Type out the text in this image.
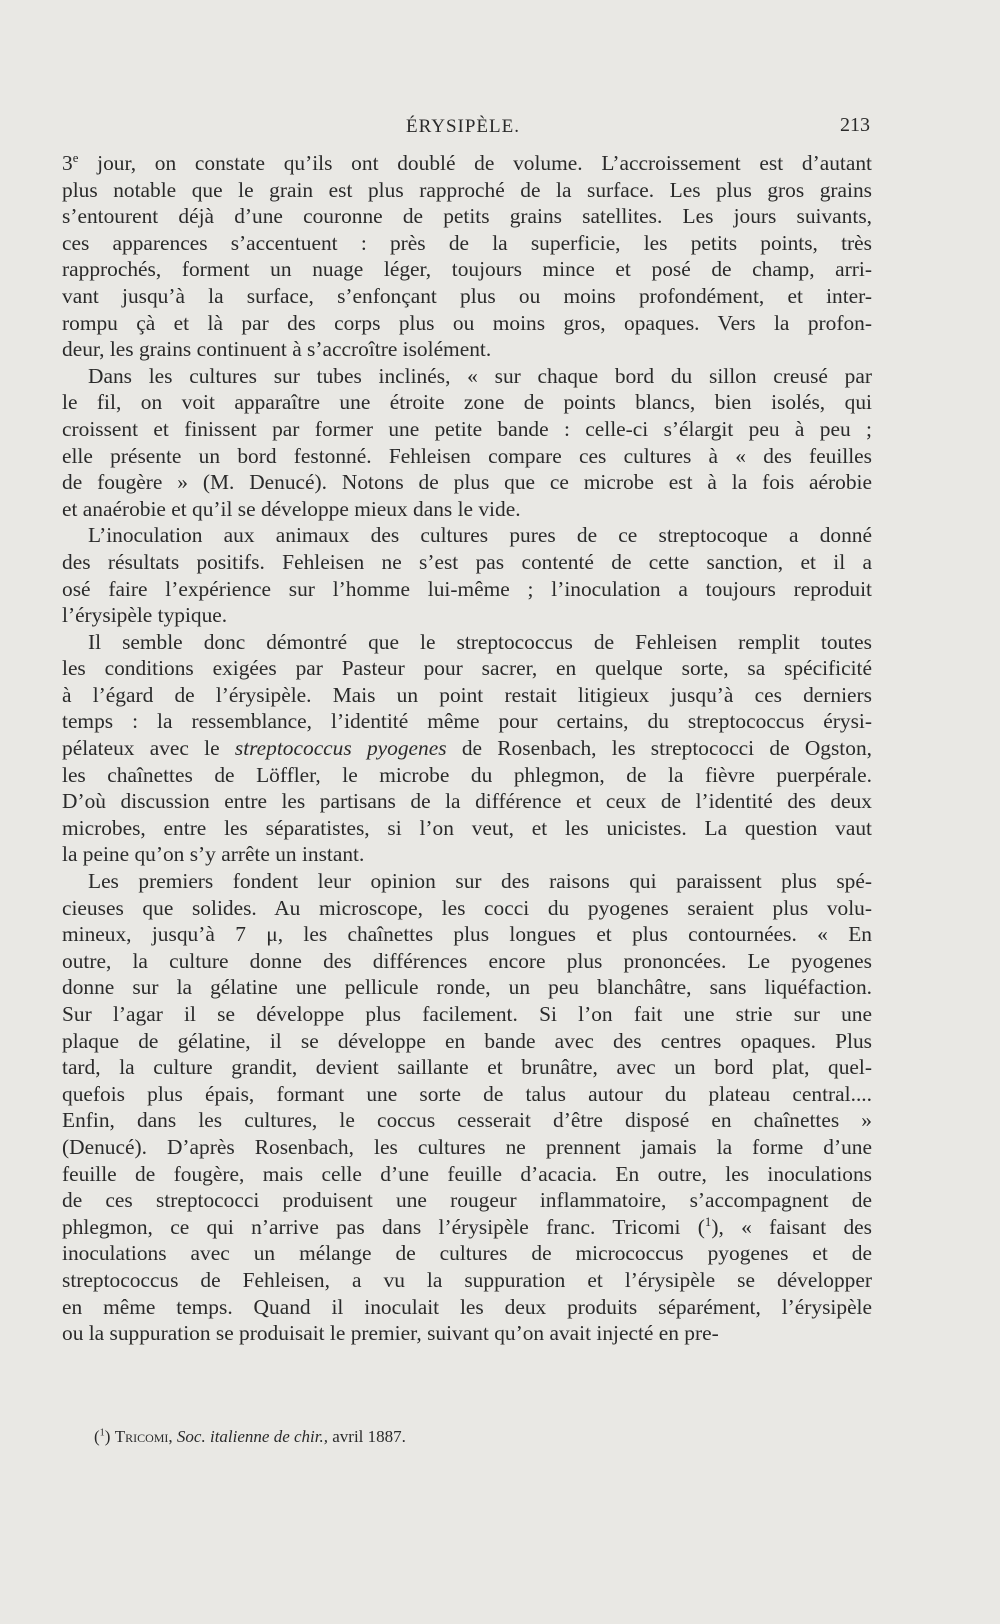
ÉRYSIPÈLE.	213
3e jour, on constate qu’ils ont doublé de volume. L’accroissement est d’autant
plus notable que le grain est plus rapproché de la surface. Les plus gros grains
s’entourent déjà d’une couronne de petits grains satellites. Les jours suivants,
ces apparences s’accentuent : près de la superficie, les petits points, très
rapprochés, forment un nuage léger, toujours mince et posé de champ, arri-
vant jusqu’à la surface, s’enfonçant plus ou moins profondément, et inter-
rompu çà et là par des corps plus ou moins gros, opaques. Vers la profon-
deur, les grains continuent à s’accroître isolément.
Dans les cultures sur tubes inclinés, « sur chaque bord du sillon creusé par
le fil, on voit apparaître une étroite zone de points blancs, bien isolés, qui
croissent et finissent par former une petite bande : celle-ci s’élargit peu à peu ;
elle présente un bord festonné. Fehleisen compare ces cultures à « des feuilles
de fougère » (M. Denucé). Notons de plus que ce microbe est à la fois aérobie
et anaérobie et qu’il se développe mieux dans le vide.
L’inoculation aux animaux des cultures pures de ce streptocoque a donné
des résultats positifs. Fehleisen ne s’est pas contenté de cette sanction, et il a
osé faire l’expérience sur l’homme lui-même ; l’inoculation a toujours reproduit
l’érysipèle typique.
Il semble donc démontré que le streptococcus de Fehleisen remplit toutes
les conditions exigées par Pasteur pour sacrer, en quelque sorte, sa spécificité
à l’égard de l’érysipèle. Mais un point restait litigieux jusqu’à ces derniers
temps : la ressemblance, l’identité même pour certains, du streptococcus érysi-
pélateux avec le streptococcus pyogenes de Rosenbach, les streptococci de Ogston,
les chaînettes de Löffler, le microbe du phlegmon, de la fièvre puerpérale.
D’où discussion entre les partisans de la différence et ceux de l’identité des deux
microbes, entre les séparatistes, si l’on veut, et les unicistes. La question vaut
la peine qu’on s’y arrête un instant.
Les premiers fondent leur opinion sur des raisons qui paraissent plus spé-
cieuses que solides. Au microscope, les cocci du pyogenes seraient plus volu-
mineux, jusqu’à 7 μ, les chaînettes plus longues et plus contournées. « En
outre, la culture donne des différences encore plus prononcées. Le pyogenes
donne sur la gélatine une pellicule ronde, un peu blanchâtre, sans liquéfaction.
Sur l’agar il se développe plus facilement. Si l’on fait une strie sur une
plaque de gélatine, il se développe en bande avec des centres opaques. Plus
tard, la culture grandit, devient saillante et brunâtre, avec un bord plat, quel-
quefois plus épais, formant une sorte de talus autour du plateau central....
Enfin, dans les cultures, le coccus cesserait d’être disposé en chaînettes »
(Denucé). D’après Rosenbach, les cultures ne prennent jamais la forme d’une
feuille de fougère, mais celle d’une feuille d’acacia. En outre, les inoculations
de ces streptococci produisent une rougeur inflammatoire, s’accompagnent de
phlegmon, ce qui n’arrive pas dans l’érysipèle franc. Tricomi ($^1$), « faisant des
inoculations avec un mélange de cultures de micrococcus pyogenes et de
streptococcus de Fehleisen, a vu la suppuration et l’érysipèle se développer
en même temps. Quand il inoculait les deux produits séparément, l’érysipèle
ou la suppuration se produisait le premier, suivant qu’on avait injecté en pre-
($^1$) Tricomi, Soc. italienne de chir., avril 1887.
